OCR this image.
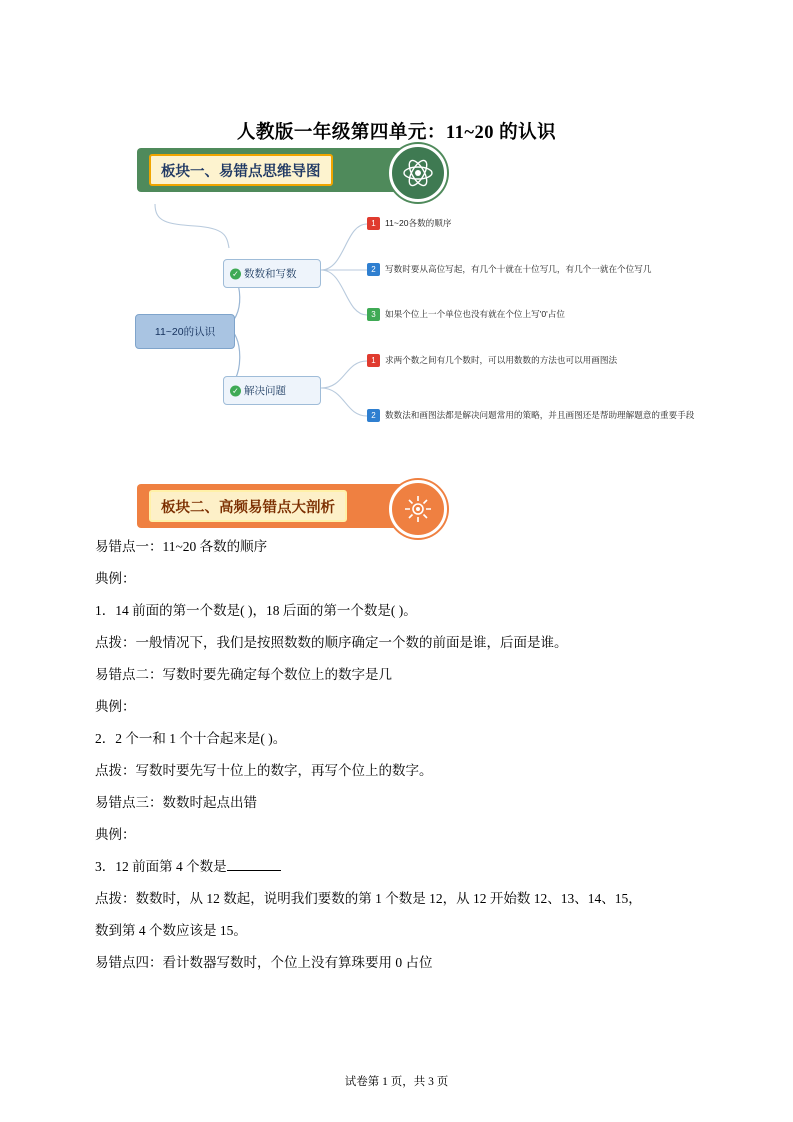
人教版一年级第四单元：11~20 的认识
板块一、易错点思维导图
11~20的认识
✓ 数数和写数
✓ 解决问题
1	11~20各数的顺序
2	写数时要从高位写起，有几个十就在十位写几，有几个一就在个位写几
3	如果个位上一个单位也没有就在个位上写'0'占位
1	求两个数之间有几个数时，可以用数数的方法也可以用画图法
2	数数法和画图法都是解决问题常用的策略，并且画图还是帮助理解题意的重要手段
板块二、高频易错点大剖析

易错点一：11~20 各数的顺序

典例：

1．14 前面的第一个数是( )，18 后面的第一个数是( )。

点拨：一般情况下，我们是按照数数的顺序确定一个数的前面是谁，后面是谁。

易错点二：写数时要先确定每个数位上的数字是几

典例：

2．2 个一和 1 个十合起来是( )。

点拨：写数时要先写十位上的数字，再写个位上的数字。

易错点三：数数时起点出错

典例：

3．12 前面第 4 个数是

点拨：数数时，从 12 数起，说明我们要数的第 1 个数是 12，从 12 开始数 12、13、14、15，

数到第 4 个数应该是 15。

易错点四：看计数器写数时，个位上没有算珠要用 0 占位

试卷第 1 页，共 3 页
